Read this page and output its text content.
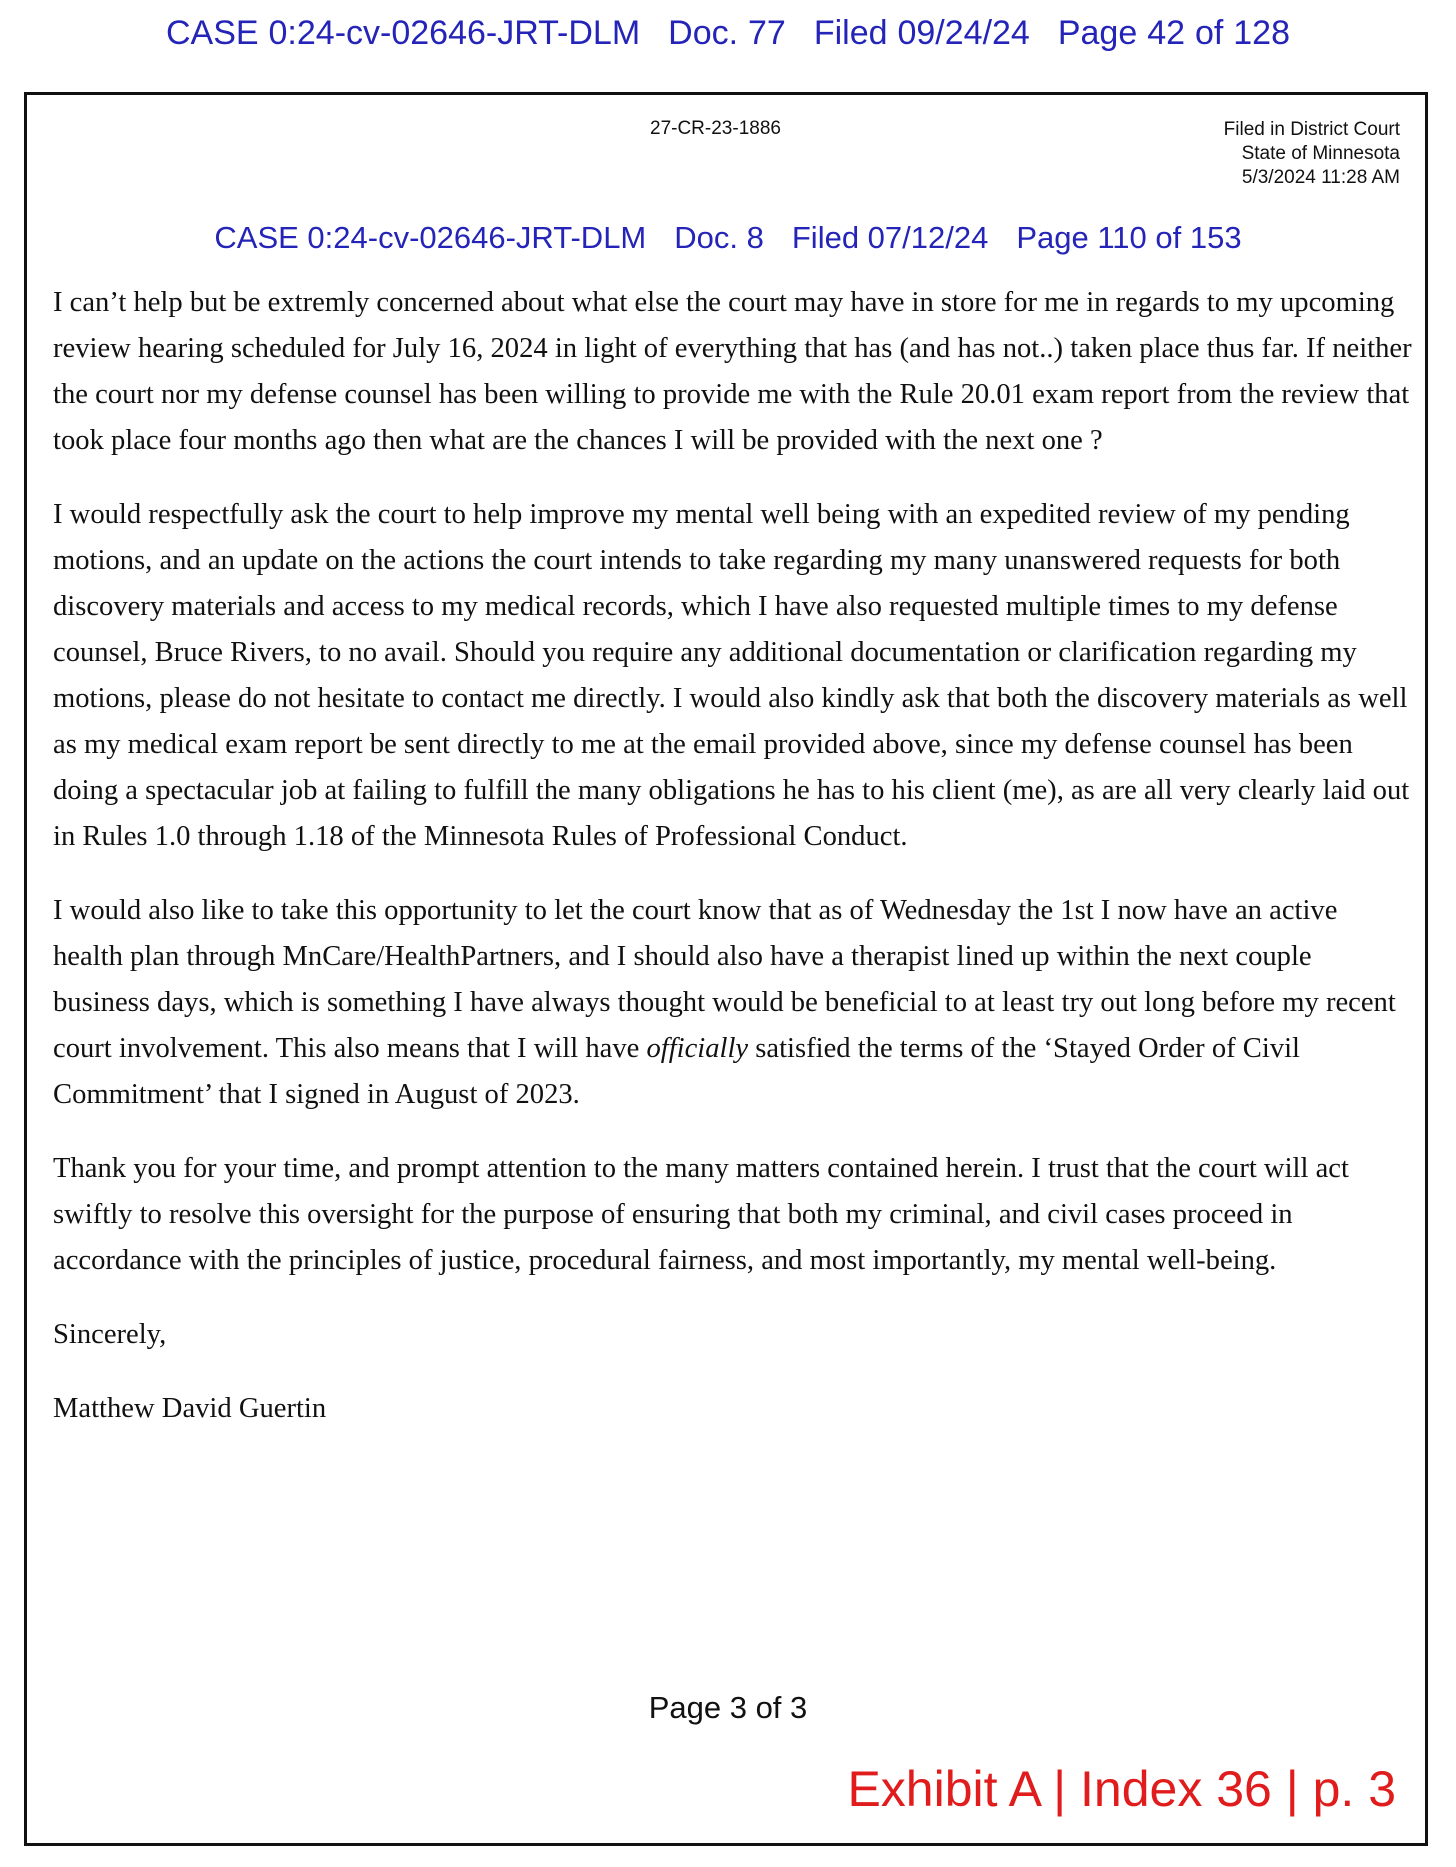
CASE 0:24-cv-02646-JRT-DLM Doc. 77 Filed 09/24/24 Page 42 of 128
27-CR-23-1886	Filed in District Court
State of Minnesota
5/3/2024 11:28 AM
CASE 0:24-cv-02646-JRT-DLM Doc. 8 Filed 07/12/24 Page 110 of 153

I can’t help but be extremly concerned about what else the court may have in store for me in regards to my upcoming review hearing scheduled for July 16, 2024 in light of everything that has (and has not..) taken place thus far. If neither the court nor my defense counsel has been willing to provide me with the Rule 20.01 exam report from the review that took place four months ago then what are the chances I will be provided with the next one ?

I would respectfully ask the court to help improve my mental well being with an expedited review of my pending motions, and an update on the actions the court intends to take regarding my many unanswered requests for both discovery materials and access to my medical records, which I have also requested multiple times to my defense counsel, Bruce Rivers, to no avail. Should you require any additional documentation or clarification regarding my motions, please do not hesitate to contact me directly. I would also kindly ask that both the discovery materials as well as my medical exam report be sent directly to me at the email provided above, since my defense counsel has been doing a spectacular job at failing to fulfill the many obligations he has to his client (me), as are all very clearly laid out in Rules 1.0 through 1.18 of the Minnesota Rules of Professional Conduct.

I would also like to take this opportunity to let the court know that as of Wednesday the 1st I now have an active health plan through MnCare/HealthPartners, and I should also have a therapist lined up within the next couple business days, which is something I have always thought would be beneficial to at least try out long before my recent court involvement. This also means that I will have officially satisfied the terms of the ‘Stayed Order of Civil Commitment’ that I signed in August of 2023.

Thank you for your time, and prompt attention to the many matters contained herein. I trust that the court will act swiftly to resolve this oversight for the purpose of ensuring that both my criminal, and civil cases proceed in accordance with the principles of justice, procedural fairness, and most importantly, my mental well-being.

Sincerely,

Matthew David Guertin

Page 3 of 3
Exhibit A | Index 36 | p. 3
